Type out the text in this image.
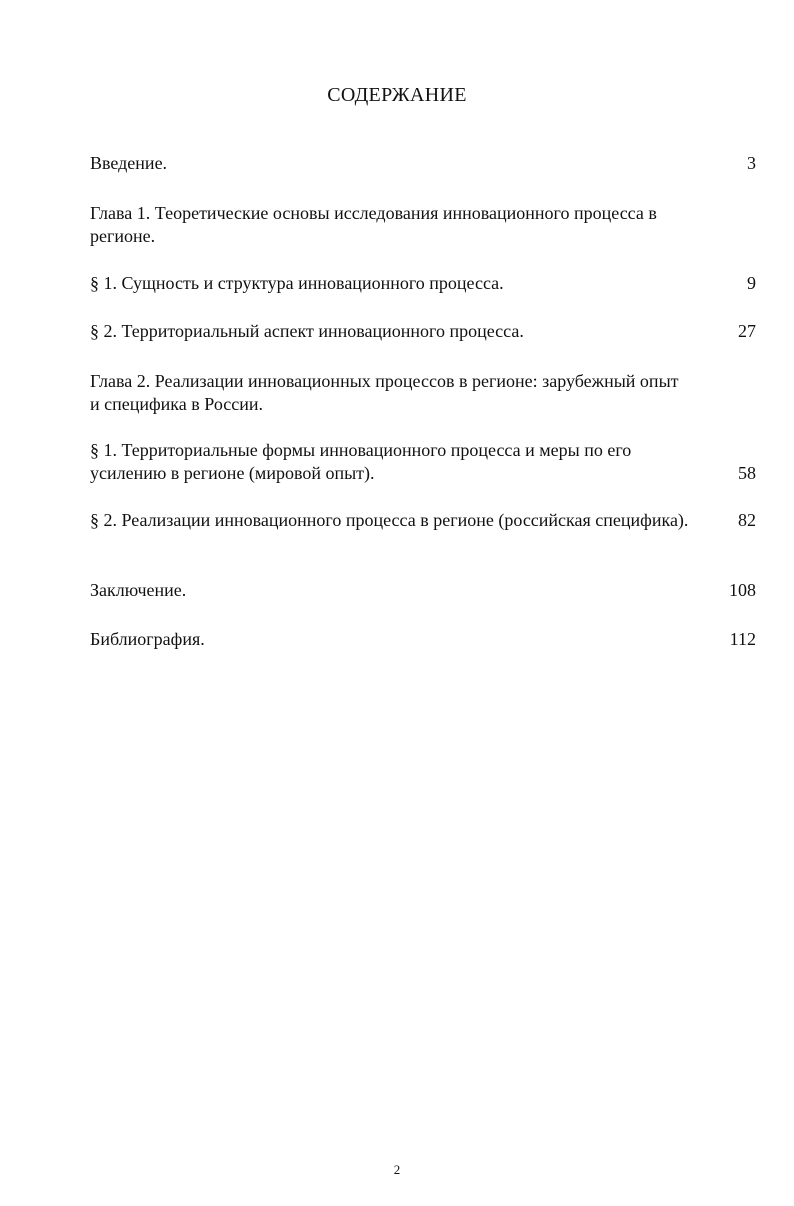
СОДЕРЖАНИЕ
Введение.	3
Глава 1. Теоретические основы исследования инновационного процесса в регионе.
§ 1. Сущность и структура инновационного процесса.	9
§ 2. Территориальный аспект инновационного процесса.	27
Глава 2. Реализации инновационных процессов в регионе: зарубежный опыт и специфика в России.
§ 1. Территориальные формы инновационного процесса и меры по его усилению в регионе (мировой опыт).	58
§ 2. Реализации инновационного процесса в регионе (российская специфика).	82
Заключение.	108
Библиография.	112
2
